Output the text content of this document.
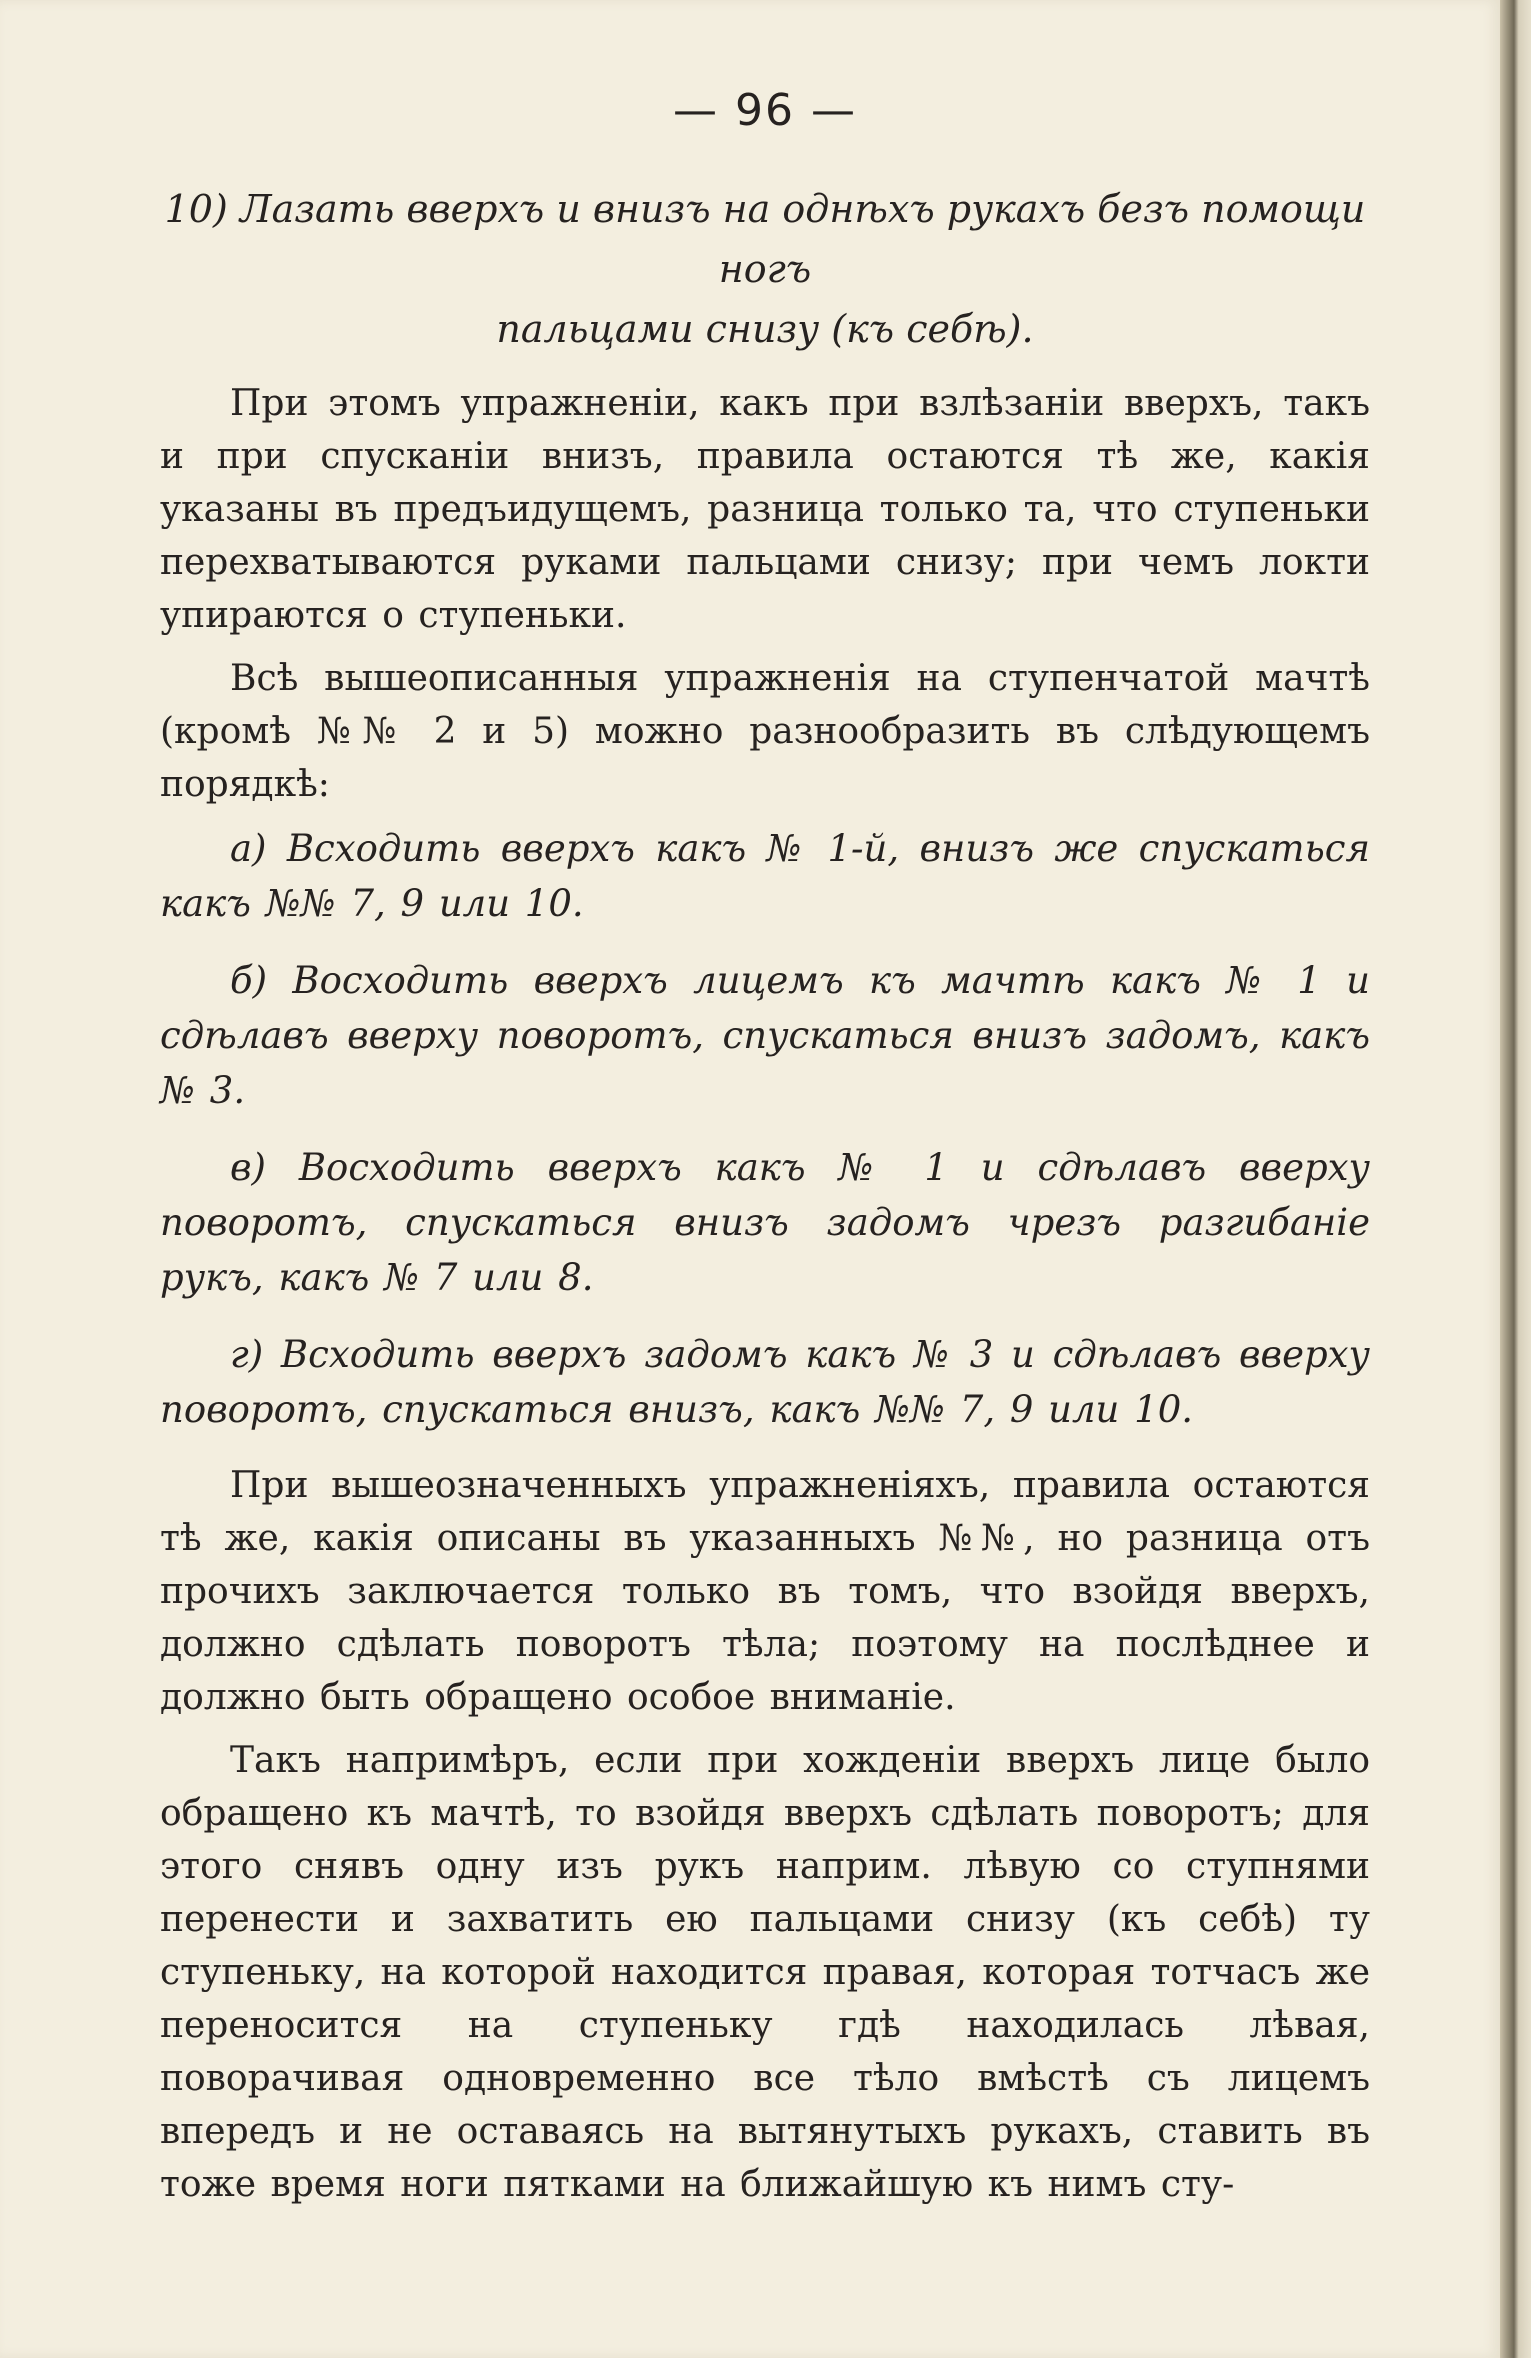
— 96 —
10) Лазать вверхъ и внизъ на однѣхъ рукахъ безъ помощи ногъ
пальцами снизу (къ себѣ).

При этомъ упражненіи, какъ при взлѣзаніи вверхъ, такъ и при спусканіи внизъ, правила остаются тѣ же, какія указаны въ предъидущемъ, разница только та, что ступеньки перехватываются руками пальцами снизу; при чемъ локти упираются о ступеньки.

Всѣ вышеописанныя упражненія на ступенчатой мачтѣ (кромѣ №№ 2 и 5) можно разнообразить въ слѣдующемъ порядкѣ:

а) Всходить вверхъ какъ № 1-й, внизъ же спускаться какъ №№ 7, 9 или 10.

б) Восходить вверхъ лицемъ къ мачтѣ какъ № 1 и сдѣлавъ вверху поворотъ, спускаться внизъ задомъ, какъ № 3.

в) Восходить вверхъ какъ № 1 и сдѣлавъ вверху поворотъ, спускаться внизъ задомъ чрезъ разгибаніе рукъ, какъ № 7 или 8.

г) Всходить вверхъ задомъ какъ № 3 и сдѣлавъ вверху поворотъ, спускаться внизъ, какъ №№ 7, 9 или 10.

При вышеозначенныхъ упражненіяхъ, правила остаются тѣ же, какія описаны въ указанныхъ №№, но разница отъ прочихъ заключается только въ томъ, что взойдя вверхъ, должно сдѣлать поворотъ тѣла; поэтому на послѣднее и должно быть обращено особое вниманіе.

Такъ напримѣръ, если при хожденіи вверхъ лице было обращено къ мачтѣ, то взойдя вверхъ сдѣлать поворотъ; для этого снявъ одну изъ рукъ наприм. лѣвую со ступнями перенести и захватить ею пальцами снизу (къ себѣ) ту ступеньку, на которой находится правая, которая тотчасъ же переносится на ступеньку гдѣ находилась лѣвая, поворачивая одновременно все тѣло вмѣстѣ съ лицемъ впередъ и не оставаясь на вытянутыхъ рукахъ, ставить въ тоже время ноги пятками на ближайшую къ нимъ сту-
